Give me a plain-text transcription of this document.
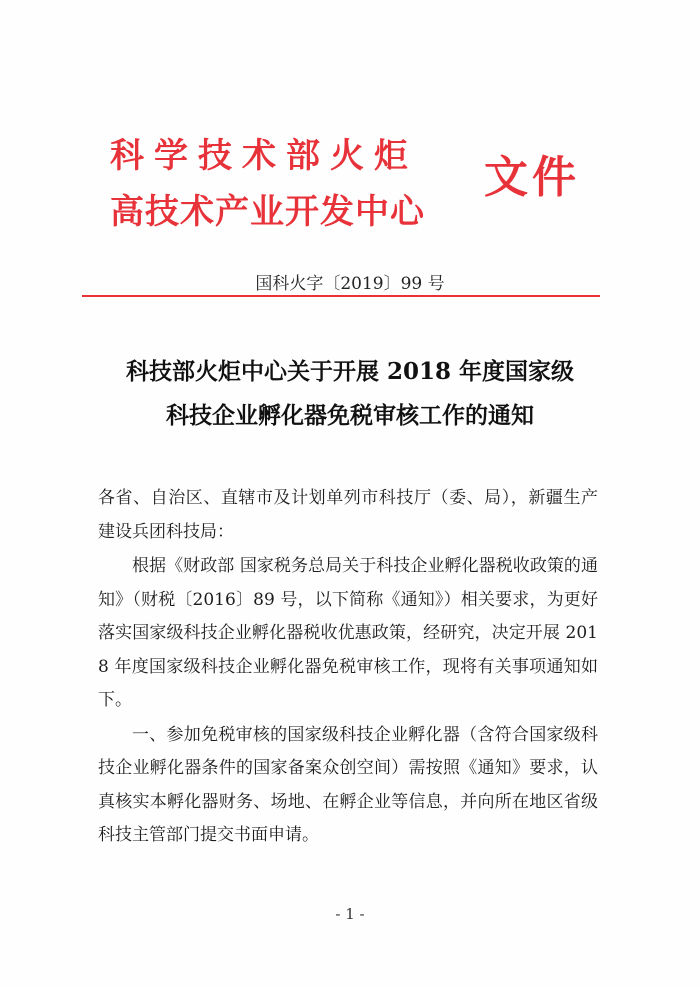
科学技术部火炬
高技术产业开发中心
文件
国科火字〔2019〕99 号
科技部火炬中心关于开展 2018 年度国家级
科技企业孵化器免税审核工作的通知

各省、自治区、直辖市及计划单列市科技厅（委、局），新疆生产建设兵团科技局：

根据《财政部 国家税务总局关于科技企业孵化器税收政策的通知》（财税〔2016〕89 号，以下简称《通知》）相关要求，为更好落实国家级科技企业孵化器税收优惠政策，经研究，决定开展 2018 年度国家级科技企业孵化器免税审核工作，现将有关事项通知如下。

一、参加免税审核的国家级科技企业孵化器（含符合国家级科技企业孵化器条件的国家备案众创空间）需按照《通知》要求，认真核实本孵化器财务、场地、在孵企业等信息，并向所在地区省级科技主管部门提交书面申请。

- 1 -
